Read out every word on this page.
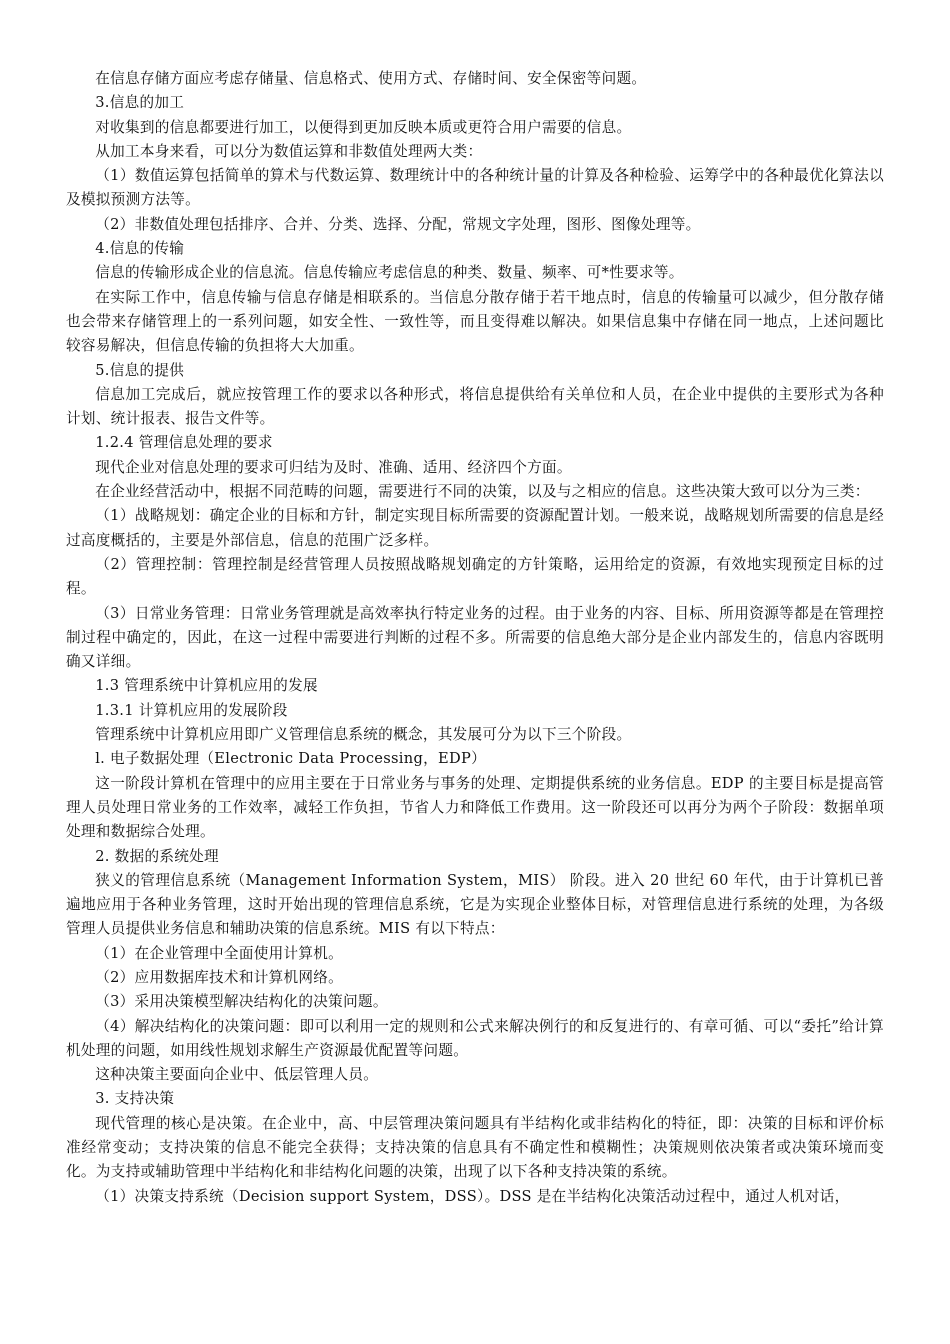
在信息存储方面应考虑存储量、信息格式、使用方式、存储时间、安全保密等问题。

3.信息的加工

对收集到的信息都要进行加工，以便得到更加反映本质或更符合用户需要的信息。

从加工本身来看，可以分为数值运算和非数值处理两大类：

（1）数值运算包括简单的算术与代数运算、数理统计中的各种统计量的计算及各种检验、运筹学中的各种最优化算法以及模拟预测方法等。

（2）非数值处理包括排序、合并、分类、选择、分配，常规文字处理，图形、图像处理等。

4.信息的传输

信息的传输形成企业的信息流。信息传输应考虑信息的种类、数量、频率、可*性要求等。

在实际工作中，信息传输与信息存储是相联系的。当信息分散存储于若干地点时，信息的传输量可以减少，但分散存储也会带来存储管理上的一系列问题，如安全性、一致性等，而且变得难以解决。如果信息集中存储在同一地点，上述问题比较容易解决，但信息传输的负担将大大加重。

5.信息的提供

信息加工完成后，就应按管理工作的要求以各种形式，将信息提供给有关单位和人员，在企业中提供的主要形式为各种计划、统计报表、报告文件等。

1.2.4 管理信息处理的要求

现代企业对信息处理的要求可归结为及时、准确、适用、经济四个方面。

在企业经营活动中，根据不同范畴的问题，需要进行不同的决策，以及与之相应的信息。这些决策大致可以分为三类：

（1）战略规划：确定企业的目标和方针，制定实现目标所需要的资源配置计划。一般来说，战略规划所需要的信息是经过高度概括的，主要是外部信息，信息的范围广泛多样。

（2）管理控制：管理控制是经营管理人员按照战略规划确定的方针策略，运用给定的资源，有效地实现预定目标的过程。

（3）日常业务管理：日常业务管理就是高效率执行特定业务的过程。由于业务的内容、目标、所用资源等都是在管理控制过程中确定的，因此，在这一过程中需要进行判断的过程不多。所需要的信息绝大部分是企业内部发生的，信息内容既明确又详细。

1.3 管理系统中计算机应用的发展

1.3.1 计算机应用的发展阶段

管理系统中计算机应用即广义管理信息系统的概念，其发展可分为以下三个阶段。

l. 电子数据处理（Electronic Data Processing，EDP）

这一阶段计算机在管理中的应用主要在于日常业务与事务的处理、定期提供系统的业务信息。EDP 的主要目标是提高管理人员处理日常业务的工作效率，减轻工作负担，节省人力和降低工作费用。这一阶段还可以再分为两个子阶段：数据单项处理和数据综合处理。

2. 数据的系统处理

狭义的管理信息系统（Management Information System，MIS） 阶段。进入 20 世纪 60 年代，由于计算机已普遍地应用于各种业务管理，这时开始出现的管理信息系统，它是为实现企业整体目标，对管理信息进行系统的处理，为各级管理人员提供业务信息和辅助决策的信息系统。MIS 有以下特点：

（1）在企业管理中全面使用计算机。

（2）应用数据库技术和计算机网络。

（3）采用决策模型解决结构化的决策问题。

（4）解决结构化的决策问题：即可以利用一定的规则和公式来解决例行的和反复进行的、有章可循、可以“委托”给计算机处理的问题，如用线性规划求解生产资源最优配置等问题。

这种决策主要面向企业中、低层管理人员。

3. 支持决策

现代管理的核心是决策。在企业中，高、中层管理决策问题具有半结构化或非结构化的特征，即：决策的目标和评价标准经常变动；支持决策的信息不能完全获得；支持决策的信息具有不确定性和模糊性；决策规则依决策者或决策环境而变化。为支持或辅助管理中半结构化和非结构化问题的决策，出现了以下各种支持决策的系统。

（1）决策支持系统（Decision support System，DSS）。DSS 是在半结构化决策活动过程中，通过人机对话，
